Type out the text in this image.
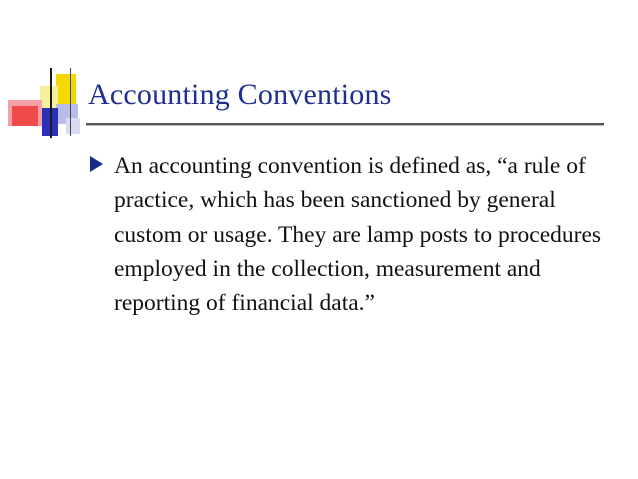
Accounting Conventions

An accounting convention is defined as, “a rule of practice, which has been sanctioned by general custom or usage. They are lamp posts to procedures employed in the collection, measurement and reporting of financial data.”
